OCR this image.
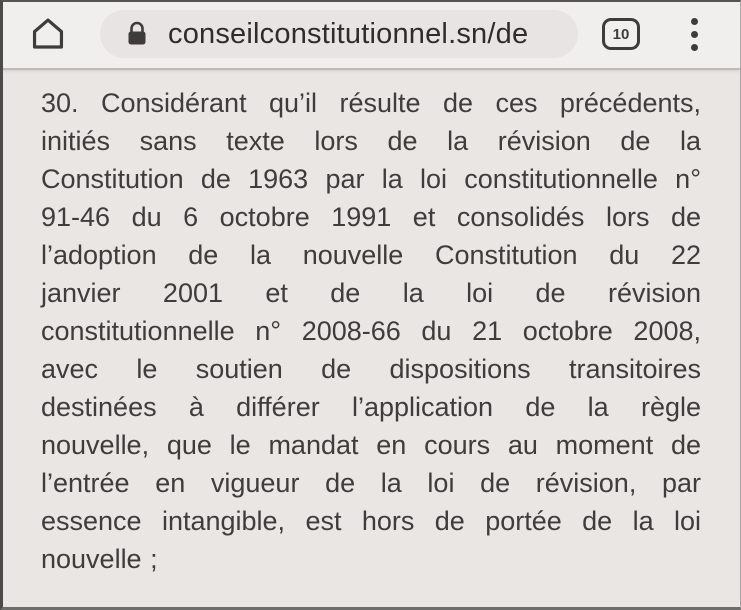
conseilconstitutionnel.sn/de	10
30. Considérant qu’il résulte de ces précédents,
initiés sans texte lors de la révision de la
Constitution de 1963 par la loi constitutionnelle n°
91-46 du 6 octobre 1991 et consolidés lors de
l’adoption de la nouvelle Constitution du 22
janvier 2001 et de la loi de révision
constitutionnelle n° 2008-66 du 21 octobre 2008,
avec le soutien de dispositions transitoires
destinées à différer l’application de la règle
nouvelle, que le mandat en cours au moment de
l’entrée en vigueur de la loi de révision, par
essence intangible, est hors de portée de la loi
nouvelle ;
